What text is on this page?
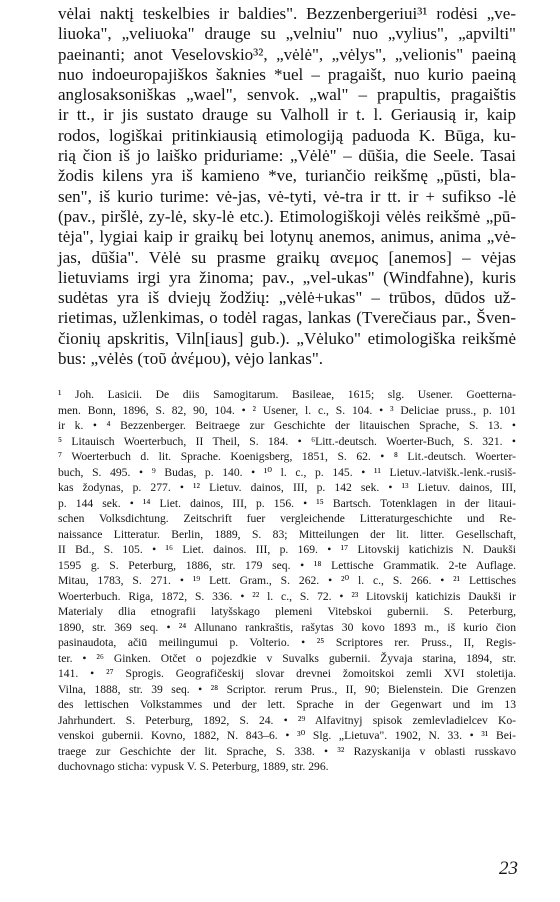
vėlai naktį teskelbies ir baldies". Bezzenbergeriui³¹ rodėsi „ve-
liuoka", „veliuoka" drauge su „velniu" nuo „vylius", „apvilti"
paeinanti; anot Veselovskio³², „vėlė", „vėlys", „velionis" paeiną
nuo indoeuropajiškos šaknies *uel – pragaišt, nuo kurio paeiną
anglosaksoniškas „wael", senvok. „wal" – prapultis, pragaištis
ir tt., ir jis sustato drauge su Valholl ir t. l. Geriausią ir, kaip
rodos, logiškai pritinkiausią etimologiją paduoda K. Būga, ku-
rią čion iš jo laiško priduriame: „Vėlė" – dūšia, die Seele. Tasai
žodis kilens yra iš kamieno *ve, turiančio reikšmę „pūsti, bla-
sen", iš kurio turime: vė-jas, vė-tyti, vė-tra ir tt. ir + sufikso -lė
(pav., piršlė, zy-lė, sky-lė etc.). Etimologiškoji vėlės reikšmė „pū-
tėja", lygiai kaip ir graikų bei lotynų anemos, animus, anima „vė-
jas, dūšia". Vėlė su prasme graikų ανεμος [anemos] – vėjas
lietuviams irgi yra žinoma; pav., „vel-ukas" (Windfahne), kuris
sudėtas yra iš dviejų žodžių: „vėlė+ukas" – trūbos, dūdos už-
rietimas, užlenkimas, o todėl ragas, lankas (Tverečiaus par., Šven-
čionių apskritis, Viln[iaus] gub.). „Vėluko" etimologiška reikšmė
bus: „vėlės (τοῦ ἀνέμου), vėjo lankas".
¹ Joh. Lasicii. De diis Samogitarum. Basileae, 1615; slg. Usener. Goetterna-
men. Bonn, 1896, S. 82, 90, 104. • ² Usener, l. c., S. 104. • ³ Deliciae pruss., p. 101
ir k. • ⁴ Bezzenberger. Beitraege zur Geschichte der litauischen Sprache, S. 13. •
⁵ Litauisch Woerterbuch, II Theil, S. 184. • ⁶Litt.-deutsch. Woerter-Buch, S. 321. •
⁷ Woerterbuch d. lit. Sprache. Koenigsberg, 1851, S. 62. • ⁸ Lit.-deutsch. Woerter-
buch, S. 495. • ⁹ Budas, p. 140. • ¹⁰ l. c., p. 145. • ¹¹ Lietuv.-latvišk.-lenk.-rusiš-
kas žodynas, p. 277. • ¹² Lietuv. dainos, III, p. 142 sek. • ¹³ Lietuv. dainos, III,
p. 144 sek. • ¹⁴ Liet. dainos, III, p. 156. • ¹⁵ Bartsch. Totenklagen in der litaui-
schen Volksdichtung. Zeitschrift fuer vergleichende Litteraturgeschichte und Re-
naissance Litteratur. Berlin, 1889, S. 83; Mitteilungen der lit. litter. Gesellschaft,
II Bd., S. 105. • ¹⁶ Liet. dainos. III, p. 169. • ¹⁷ Litovskij katichizis N. Daukši
1595 g. S. Peterburg, 1886, str. 179 seq. • ¹⁸ Lettische Grammatik. 2-te Auflage.
Mitau, 1783, S. 271. • ¹⁹ Lett. Gram., S. 262. • ²⁰ l. c., S. 266. • ²¹ Lettisches
Woerterbuch. Riga, 1872, S. 336. • ²² l. c., S. 72. • ²³ Litovskij katichizis Daukši ir
Materialy dlia etnografii latyšskago plemeni Vitebskoi gubernii. S. Peterburg,
1890, str. 369 seq. • ²⁴ Allunano rankraštis, rašytas 30 kovo 1893 m., iš kurio čion
pasinaudota, ačiū meilingumui p. Volterio. • ²⁵ Scriptores rer. Pruss., II, Regis-
ter. • ²⁶ Ginken. Otčet o pojezdkie v Suvalks gubernii. Žyvaja starina, 1894, str.
141. • ²⁷ Sprogis. Geografičeskij slovar drevnei žomoitskoi zemli XVI stoletija.
Vilna, 1888, str. 39 seq. • ²⁸ Scriptor. rerum Prus., II, 90; Bielenstein. Die Grenzen
des lettischen Volkstammes und der lett. Sprache in der Gegenwart und im 13
Jahrhundert. S. Peterburg, 1892, S. 24. • ²⁹ Alfavitnyj spisok zemlevladielcev Ko-
venskoi gubernii. Kovno, 1882, N. 843–6. • ³⁰ Slg. „Lietuva". 1902, N. 33. • ³¹ Bei-
traege zur Geschichte der lit. Sprache, S. 338. • ³² Razyskanija v oblasti russkavo
duchovnago sticha: vypusk V. S. Peterburg, 1889, str. 296.
23
